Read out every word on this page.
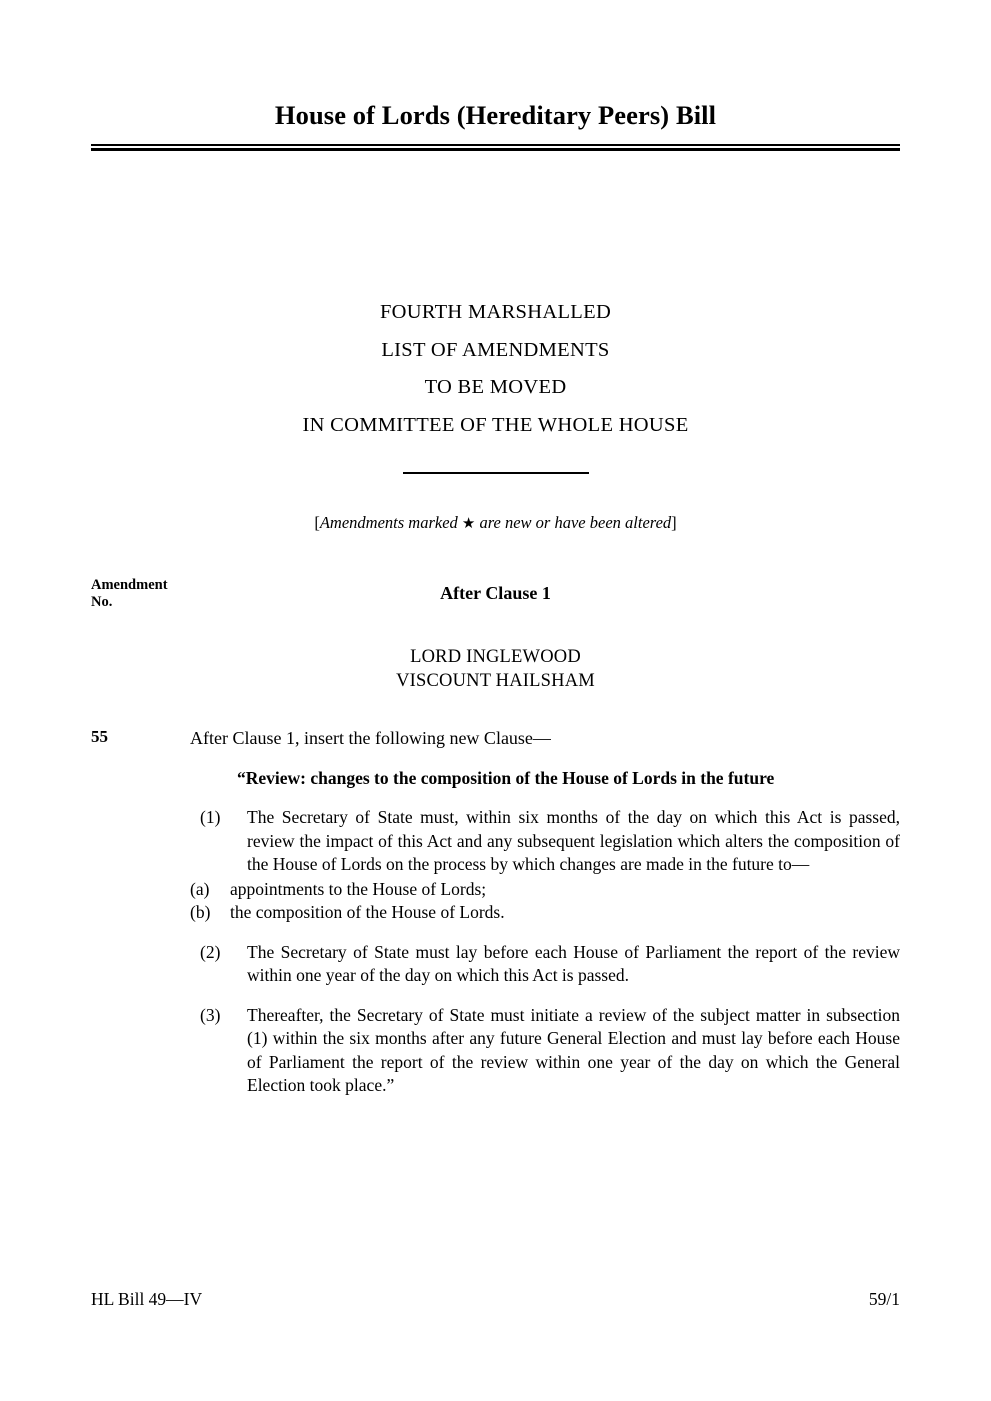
House of Lords (Hereditary Peers) Bill
FOURTH MARSHALLED
LIST OF AMENDMENTS
TO BE MOVED
IN COMMITTEE OF THE WHOLE HOUSE
[Amendments marked ★ are new or have been altered]
Amendment
No.	After Clause 1
LORD INGLEWOOD
VISCOUNT HAILSHAM
55	After Clause 1, insert the following new Clause—
“Review: changes to the composition of the House of Lords in the future
(1)	The Secretary of State must, within six months of the day on which this Act is passed, review the impact of this Act and any subsequent legislation which alters the composition of the House of Lords on the process by which changes are made in the future to—
(a)	appointments to the House of Lords;
(b)	the composition of the House of Lords.
(2)	The Secretary of State must lay before each House of Parliament the report of the review within one year of the day on which this Act is passed.
(3)	Thereafter, the Secretary of State must initiate a review of the subject matter in subsection (1) within the six months after any future General Election and must lay before each House of Parliament the report of the review within one year of the day on which the General Election took place.”
HL Bill 49—IV	59/1
